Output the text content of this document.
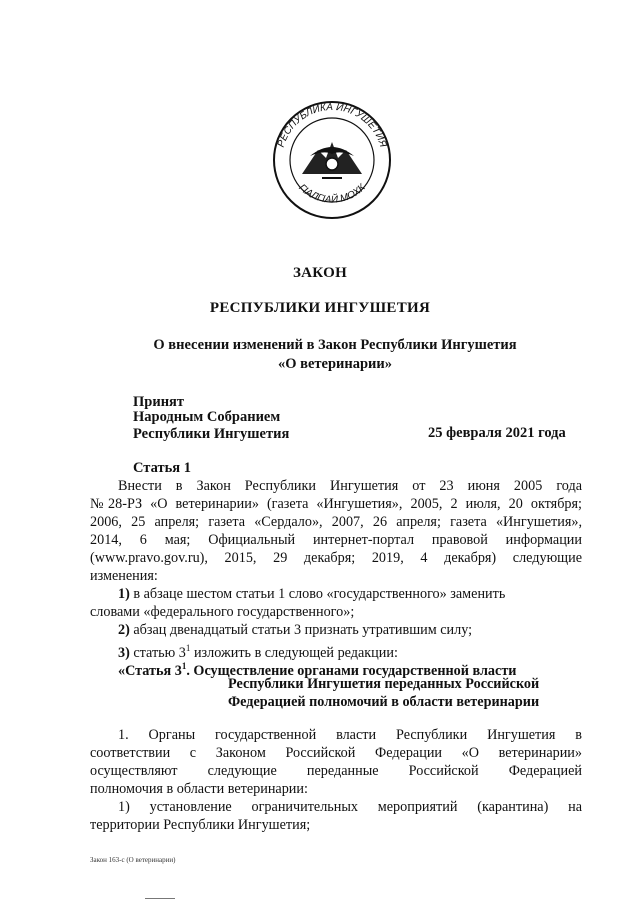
РЕСПУБЛИКА ИНГУШЕТИЯ
ГІАЛГІАЙ МОХК
ЗАКОН
РЕСПУБЛИКИ ИНГУШЕТИЯ
О внесении изменений в Закон Республики Ингушетия
«О ветеринарии»
Принят
Народным Собранием
Республики Ингушетия	25 февраля 2021 года
Статья 1
Внести в Закон Республики Ингушетия от 23 июня 2005 года
№28-РЗ «О ветеринарии» (газета «Ингушетия», 2005, 2 июля, 20 октября;
2006, 25 апреля; газета «Сердало», 2007, 26 апреля; газета «Ингушетия»,
2014, 6 мая; Официальный интернет-портал правовой информации
(www.pravo.gov.ru), 2015, 29 декабря; 2019, 4 декабря) следующие
изменения:
1) в абзаце шестом статьи 1 слово «государственного» заменить
словами «федерального государственного»;
2) абзац двенадцатый статьи 3 признать утратившим силу;
3) статью $3^1$ изложить в следующей редакции:
«Статья $3^1$. Осуществление органами государственной власти
Республики Ингушетия переданных Российской
Федерацией полномочий в области ветеринарии
1. Органы государственной власти Республики Ингушетия в
соответствии с Законом Российской Федерации «О ветеринарии»
осуществляют следующие переданные Российской Федерацией
полномочия в области ветеринарии:
1) установление ограничительных мероприятий (карантина) на
территории Республики Ингушетия;
Закон 163-с (О ветеринарии)
